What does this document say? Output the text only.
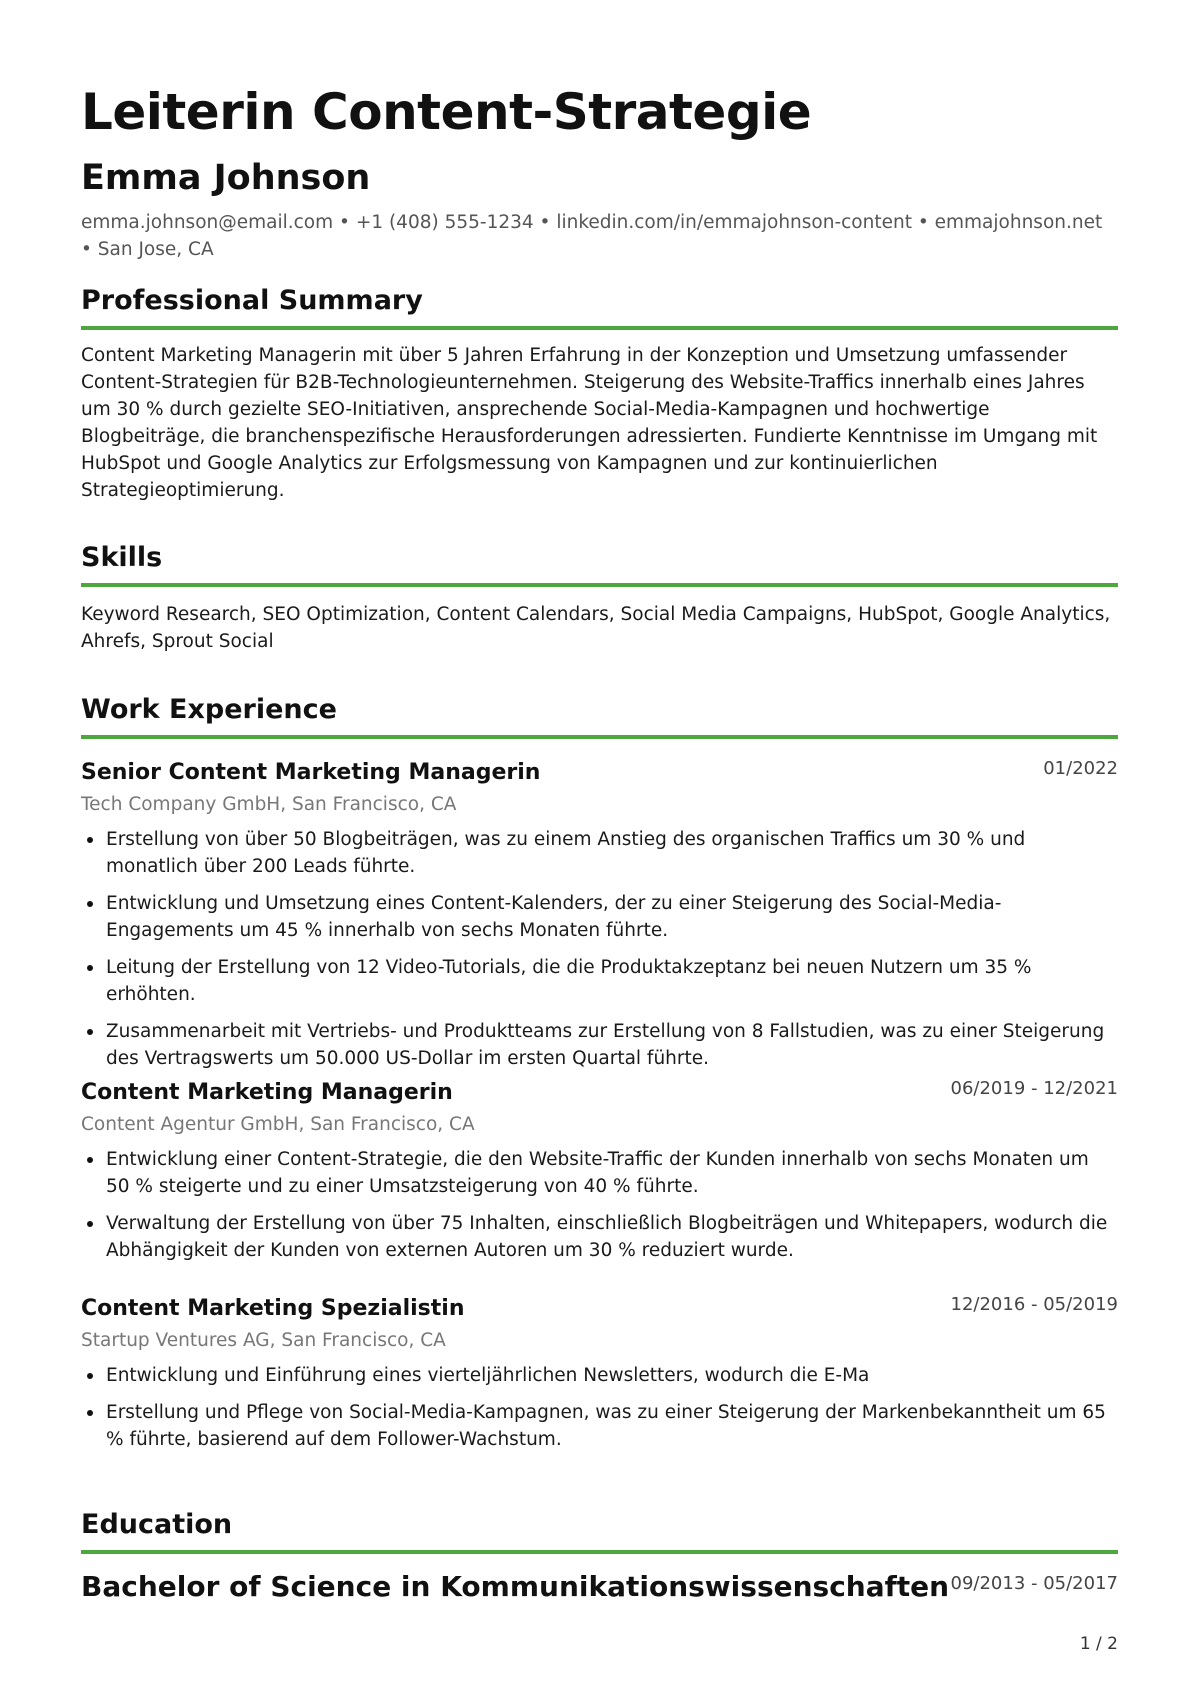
Leiterin Content-Strategie
Emma Johnson

emma.johnson@email.com • +1 (408) 555-1234 • linkedin.com/in/emmajohnson-content • emmajohnson.net • San Jose, CA

Professional Summary

Content Marketing Managerin mit über 5 Jahren Erfahrung in der Konzeption und Umsetzung umfassender Content-Strategien für B2B-Technologieunternehmen. Steigerung des Website-Traffics innerhalb eines Jahres um 30 % durch gezielte SEO-Initiativen, ansprechende Social-Media-Kampagnen und hochwertige Blogbeiträge, die branchenspezifische Herausforderungen adressierten. Fundierte Kenntnisse im Umgang mit HubSpot und Google Analytics zur Erfolgsmessung von Kampagnen und zur kontinuierlichen Strategieoptimierung.

Skills

Keyword Research, SEO Optimization, Content Calendars, Social Media Campaigns, HubSpot, Google Analytics, Ahrefs, Sprout Social

Work Experience
Senior Content Marketing Managerin	01/2022
Tech Company GmbH, San Francisco, CA
Erstellung von über 50 Blogbeiträgen, was zu einem Anstieg des organischen Traffics um 30 % und monatlich über 200 Leads führte.
Entwicklung und Umsetzung eines Content-Kalenders, der zu einer Steigerung des Social-Media-Engagements um 45 % innerhalb von sechs Monaten führte.
Leitung der Erstellung von 12 Video-Tutorials, die die Produktakzeptanz bei neuen Nutzern um 35 % erhöhten.
Zusammenarbeit mit Vertriebs- und Produktteams zur Erstellung von 8 Fallstudien, was zu einer Steigerung des Vertragswerts um 50.000 US-Dollar im ersten Quartal führte.
Content Marketing Managerin	06/2019 - 12/2021
Content Agentur GmbH, San Francisco, CA
Entwicklung einer Content-Strategie, die den Website-Traffic der Kunden innerhalb von sechs Monaten um 50 % steigerte und zu einer Umsatzsteigerung von 40 % führte.
Verwaltung der Erstellung von über 75 Inhalten, einschließlich Blogbeiträgen und Whitepapers, wodurch die Abhängigkeit der Kunden von externen Autoren um 30 % reduziert wurde.
Content Marketing Spezialistin	12/2016 - 05/2019
Startup Ventures AG, San Francisco, CA
Entwicklung und Einführung eines vierteljährlichen Newsletters, wodurch die E-Ma
Erstellung und Pflege von Social-Media-Kampagnen, was zu einer Steigerung der Markenbekanntheit um 65 % führte, basierend auf dem Follower-Wachstum.
Education
Bachelor of Science in Kommunikationswissenschaften 09/2013 - 05/2017
1 / 2
